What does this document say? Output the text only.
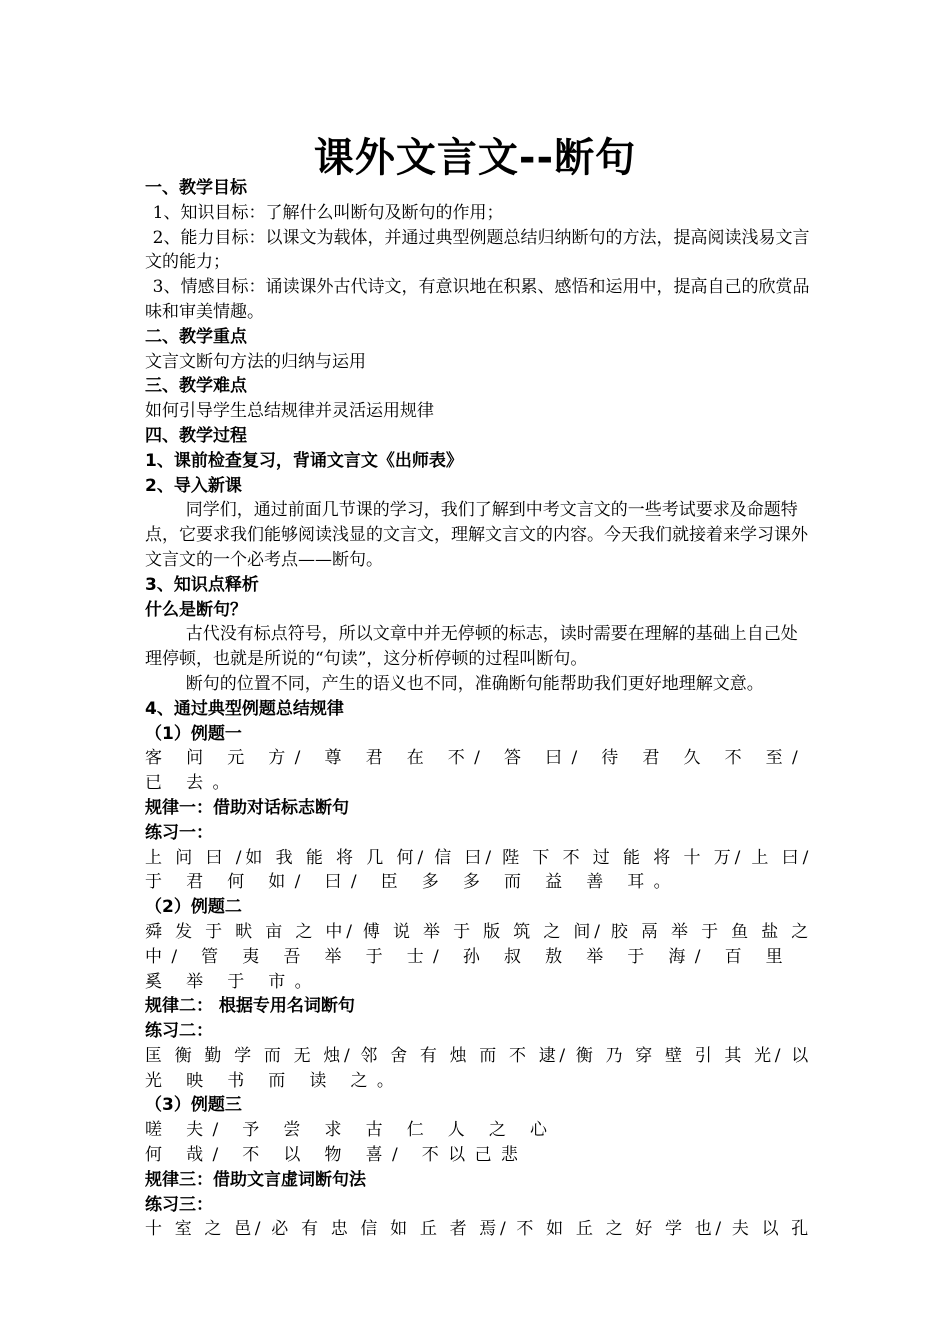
课外文言文--断句

一、教学目标

1、知识目标：了解什么叫断句及断句的作用；

2、能力目标：以课文为载体，并通过典型例题总结归纳断句的方法，提高阅读浅易文言文的能力；

3、情感目标：诵读课外古代诗文，有意识地在积累、感悟和运用中，提高自己的欣赏品味和审美情趣。

二、教学重点

文言文断句方法的归纳与运用

三、教学难点

如何引导学生总结规律并灵活运用规律

四、教学过程

1、课前检查复习，背诵文言文《出师表》

2、导入新课

同学们，通过前面几节课的学习，我们了解到中考文言文的一些考试要求及命题特点，它要求我们能够阅读浅显的文言文，理解文言文的内容。今天我们就接着来学习课外文言文的一个必考点——断句。

3、知识点释析

什么是断句？

古代没有标点符号，所以文章中并无停顿的标志，读时需要在理解的基础上自己处理停顿，也就是所说的“句读”，这分析停顿的过程叫断句。

断句的位置不同，产生的语义也不同，准确断句能帮助我们更好地理解文意。

4、通过典型例题总结规律

（1）例题一

客 问 元 方/ 尊 君 在 不/ 答 曰/ 待 君 久 不 至/ 已 去。

规律一：借助对话标志断句

练习一：

上 问 曰 /如 我 能 将 几 何/ 信 曰/ 陛 下 不 过 能 将 十 万/ 上 曰/

于 君 何 如/ 曰/ 臣 多 多 而 益 善 耳。

（2）例题二

舜 发 于 畎 亩 之 中/ 傅 说 举 于 版 筑 之 间/ 胶 鬲 举 于 鱼 盐 之

中/ 管 夷 吾 举 于 士/ 孙 叔 敖 举 于 海/ 百 里 奚 举 于 市。

规律二： 根据专用名词断句

练习二：

匡 衡 勤 学 而 无 烛/ 邻 舍 有 烛 而 不 逮/ 衡 乃 穿 壁 引 其 光/ 以

光 映 书 而 读 之。

（3）例题三

嗟 夫/ 予 尝 求 古 仁 人 之 心

何 哉/ 不 以 物 喜/ 不以己悲

规律三：借助文言虚词断句法

练习三：

十 室 之 邑/ 必 有 忠 信 如 丘 者 焉/ 不 如 丘 之 好 学 也/ 夫 以 孔
